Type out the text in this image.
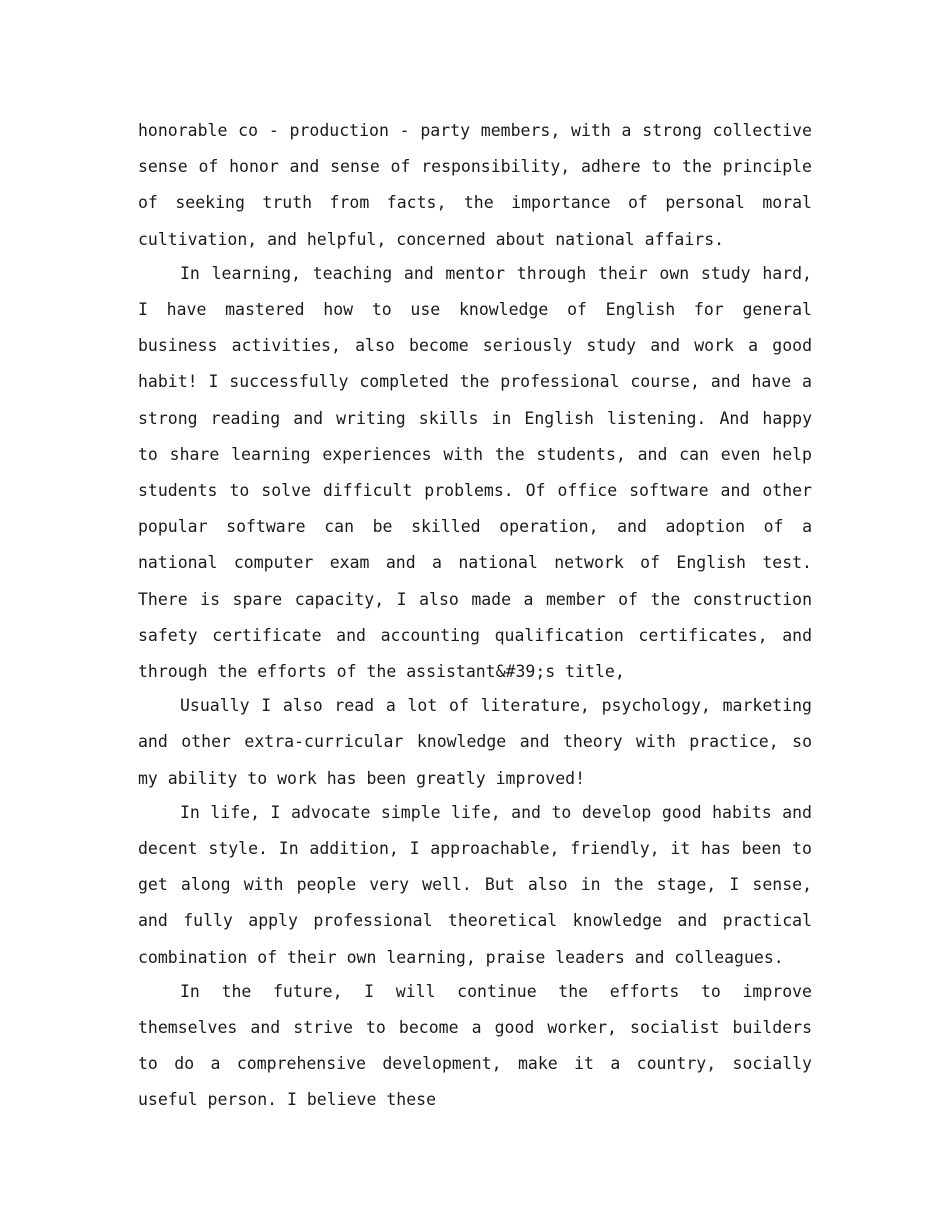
honorable co - production - party members, with a strong collective sense of honor and sense of responsibility, adhere to the principle of seeking truth from facts, the importance of personal moral cultivation, and helpful, concerned about national affairs.

In learning, teaching and mentor through their own study hard, I have mastered how to use knowledge of English for general business activities, also become seriously study and work a good habit! I successfully completed the professional course, and have a strong reading and writing skills in English listening. And happy to share learning experiences with the students, and can even help students to solve difficult problems. Of office software and other popular software can be skilled operation, and adoption of a national computer exam and a national network of English test. There is spare capacity, I also made a member of the construction safety certificate and accounting qualification certificates, and through the efforts of the assistant&#39;s title,

Usually I also read a lot of literature, psychology, marketing and other extra-curricular knowledge and theory with practice, so my ability to work has been greatly improved!

In life, I advocate simple life, and to develop good habits and decent style. In addition, I approachable, friendly, it has been to get along with people very well. But also in the stage, I sense, and fully apply professional theoretical knowledge and practical combination of their own learning, praise leaders and colleagues.

In the future, I will continue the efforts to improve themselves and strive to become a good worker, socialist builders to do a comprehensive development, make it a country, socially useful person. I believe these
